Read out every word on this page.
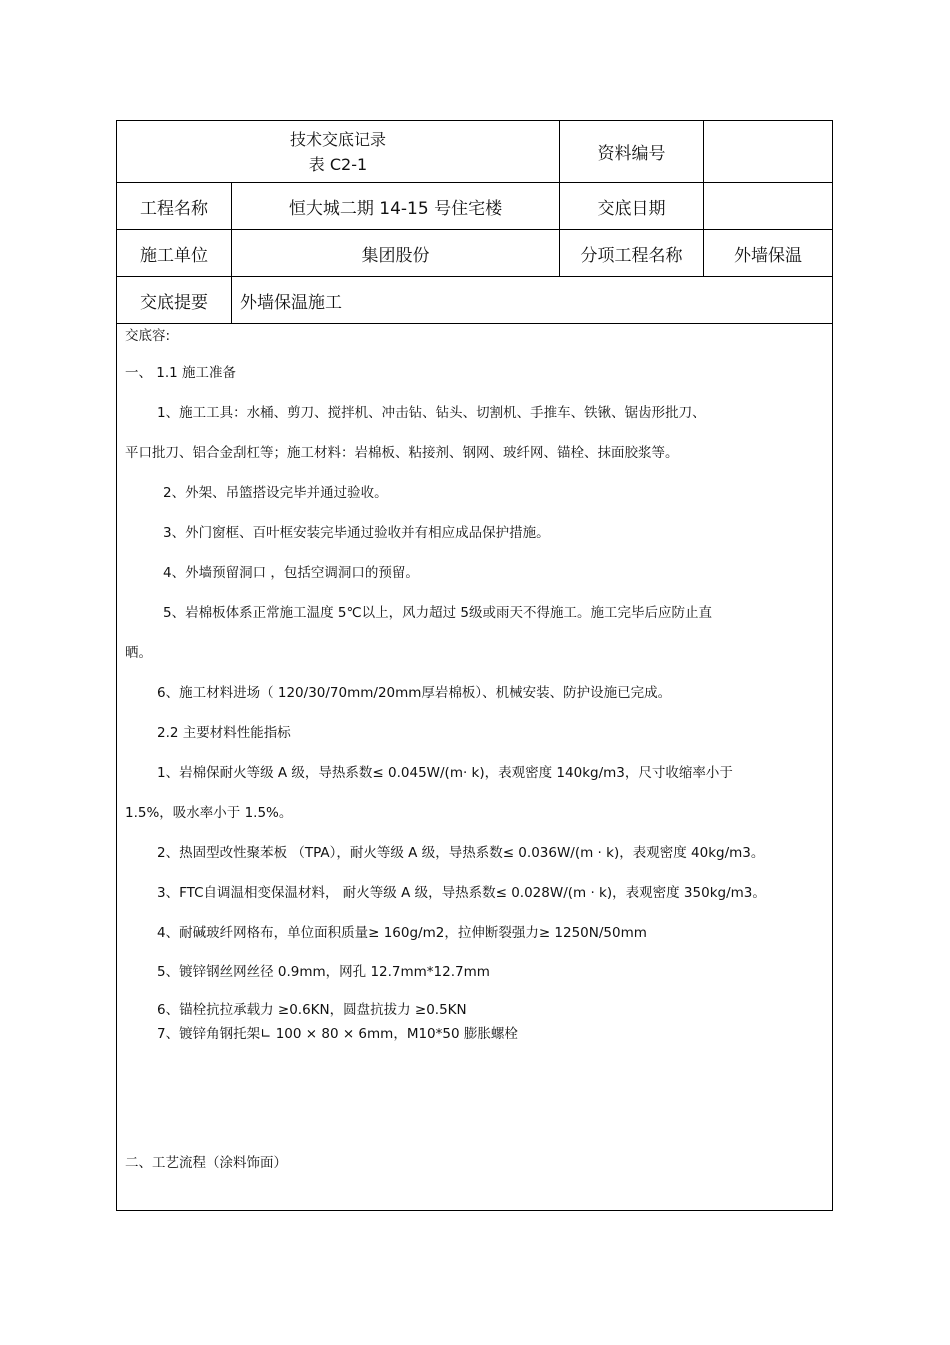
技术交底记录
表 C2-1	资料编号
工程名称	恒大城二期 14-15 号住宅楼	交底日期
施工单位	集团股份	分项工程名称	外墙保温
交底提要	外墙保温施工
交底容:
一、 1.1 施工准备
1、施工工具：水桶、剪刀、搅拌机、冲击钻、钻头、切割机、手推车、铁锹、锯齿形批刀、
平口批刀、铝合金刮杠等；施工材料：岩棉板、粘接剂、钢网、玻纤网、锚栓、抹面胶浆等。
2、外架、吊篮搭设完毕并通过验收。
3、外门窗框、百叶框安装完毕通过验收并有相应成品保护措施。
4、外墙预留洞口 ，包括空调洞口的预留。
5、岩棉板体系正常施工温度 5℃以上，风力超过 5级或雨天不得施工。施工完毕后应防止直
晒。
6、施工材料进场（ 120/30/70mm/20mm厚岩棉板）、机械安装、防护设施已完成。
2.2 主要材料性能指标
1、岩棉保耐火等级 A 级，导热系数≤ 0.045W/(m· k)，表观密度 140kg/m3，尺寸收缩率小于
1.5%，吸水率小于 1.5%。
2、热固型改性聚苯板 （TPA），耐火等级 A 级，导热系数≤ 0.036W/(m · k)，表观密度 40kg/m3。
3、FTC自调温相变保温材料， 耐火等级 A 级，导热系数≤ 0.028W/(m · k)，表观密度 350kg/m3。
4、耐碱玻纤网格布，单位面积质量≥ 160g/m2，拉伸断裂强力≥ 1250N/50mm
5、镀锌钢丝网丝径 0.9mm，网孔 12.7mm*12.7mm
6、锚栓抗拉承载力 ≥0.6KN，圆盘抗拔力 ≥0.5KN
7、镀锌角钢托架∟ 100 × 80 × 6mm，M10*50 膨胀螺栓
二、工艺流程（涂料饰面）
